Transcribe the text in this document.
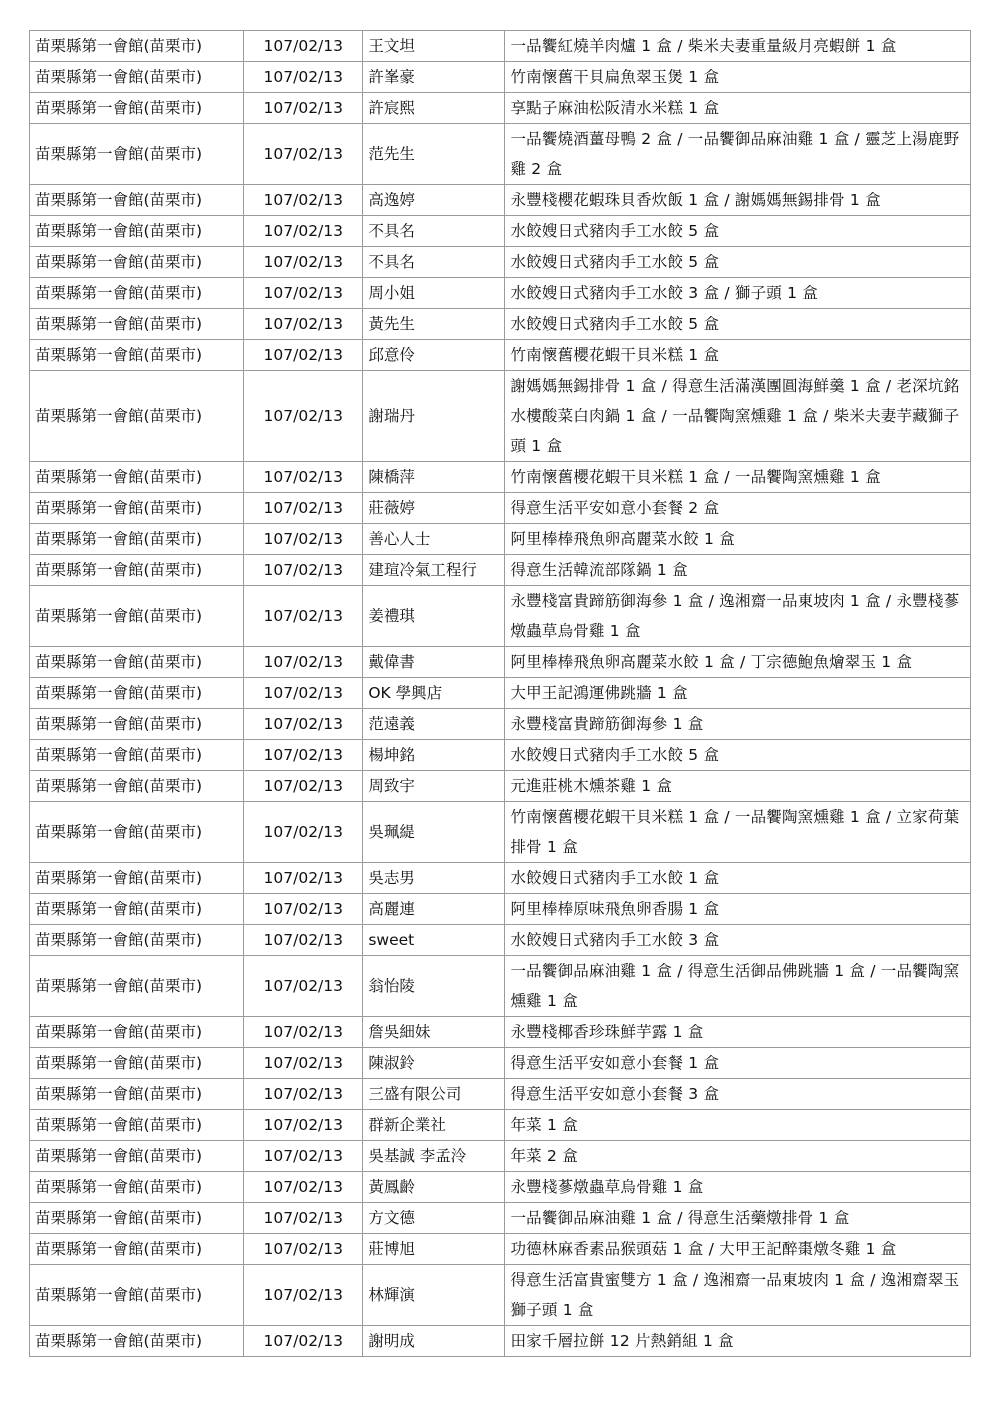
苗栗縣第一會館(苗栗市)	107/02/13	王文坦	一品饗紅燒羊肉爐 1 盒 / 柴米夫妻重量級月亮蝦餅 1 盒
苗栗縣第一會館(苗栗市)	107/02/13	許峯豪	竹南懷舊干貝扁魚翠玉煲 1 盒
苗栗縣第一會館(苗栗市)	107/02/13	許宸熙	享點子麻油松阪清水米糕 1 盒
苗栗縣第一會館(苗栗市)	107/02/13	范先生	一品饗燒酒薑母鴨 2 盒 / 一品饗御品麻油雞 1 盒 / 靈芝上湯鹿野雞 2 盒
苗栗縣第一會館(苗栗市)	107/02/13	高逸婷	永豐棧櫻花蝦珠貝香炊飯 1 盒 / 謝媽媽無錫排骨 1 盒
苗栗縣第一會館(苗栗市)	107/02/13	不具名	水餃嫂日式豬肉手工水餃 5 盒
苗栗縣第一會館(苗栗市)	107/02/13	不具名	水餃嫂日式豬肉手工水餃 5 盒
苗栗縣第一會館(苗栗市)	107/02/13	周小姐	水餃嫂日式豬肉手工水餃 3 盒 / 獅子頭 1 盒
苗栗縣第一會館(苗栗市)	107/02/13	黃先生	水餃嫂日式豬肉手工水餃 5 盒
苗栗縣第一會館(苗栗市)	107/02/13	邱意伶	竹南懷舊櫻花蝦干貝米糕 1 盒
苗栗縣第一會館(苗栗市)	107/02/13	謝瑞丹	謝媽媽無錫排骨 1 盒 / 得意生活滿漢團圓海鮮羹 1 盒 / 老深坑銘水樓酸菜白肉鍋 1 盒 / 一品饗陶窯燻雞 1 盒 / 柴米夫妻芋藏獅子頭 1 盒
苗栗縣第一會館(苗栗市)	107/02/13	陳橋萍	竹南懷舊櫻花蝦干貝米糕 1 盒 / 一品饗陶窯燻雞 1 盒
苗栗縣第一會館(苗栗市)	107/02/13	莊薇婷	得意生活平安如意小套餐 2 盒
苗栗縣第一會館(苗栗市)	107/02/13	善心人士	阿里棒棒飛魚卵高麗菜水餃 1 盒
苗栗縣第一會館(苗栗市)	107/02/13	建瑄冷氣工程行	得意生活韓流部隊鍋 1 盒
苗栗縣第一會館(苗栗市)	107/02/13	姜禮琪	永豐棧富貴蹄筋御海參 1 盒 / 逸湘齋一品東坡肉 1 盒 / 永豐棧蔘燉蟲草烏骨雞 1 盒
苗栗縣第一會館(苗栗市)	107/02/13	戴偉書	阿里棒棒飛魚卵高麗菜水餃 1 盒 / 丁宗德鮑魚燴翠玉 1 盒
苗栗縣第一會館(苗栗市)	107/02/13	OK 學興店	大甲王記鴻運佛跳牆 1 盒
苗栗縣第一會館(苗栗市)	107/02/13	范遠義	永豐棧富貴蹄筋御海參 1 盒
苗栗縣第一會館(苗栗市)	107/02/13	楊坤銘	水餃嫂日式豬肉手工水餃 5 盒
苗栗縣第一會館(苗栗市)	107/02/13	周致宇	元進莊桃木燻茶雞 1 盒
苗栗縣第一會館(苗栗市)	107/02/13	吳珮緹	竹南懷舊櫻花蝦干貝米糕 1 盒 / 一品饗陶窯燻雞 1 盒 / 立家荷葉排骨 1 盒
苗栗縣第一會館(苗栗市)	107/02/13	吳志男	水餃嫂日式豬肉手工水餃 1 盒
苗栗縣第一會館(苗栗市)	107/02/13	高麗連	阿里棒棒原味飛魚卵香腸 1 盒
苗栗縣第一會館(苗栗市)	107/02/13	sweet	水餃嫂日式豬肉手工水餃 3 盒
苗栗縣第一會館(苗栗市)	107/02/13	翁怡陵	一品饗御品麻油雞 1 盒 / 得意生活御品佛跳牆 1 盒 / 一品饗陶窯燻雞 1 盒
苗栗縣第一會館(苗栗市)	107/02/13	詹吳細妹	永豐棧椰香珍珠鮮芋露 1 盒
苗栗縣第一會館(苗栗市)	107/02/13	陳淑鈴	得意生活平安如意小套餐 1 盒
苗栗縣第一會館(苗栗市)	107/02/13	三盛有限公司	得意生活平安如意小套餐 3 盒
苗栗縣第一會館(苗栗市)	107/02/13	群新企業社	年菜 1 盒
苗栗縣第一會館(苗栗市)	107/02/13	吳基誠 李孟泠	年菜 2 盒
苗栗縣第一會館(苗栗市)	107/02/13	黃鳳齡	永豐棧蔘燉蟲草烏骨雞 1 盒
苗栗縣第一會館(苗栗市)	107/02/13	方文德	一品饗御品麻油雞 1 盒 / 得意生活藥燉排骨 1 盒
苗栗縣第一會館(苗栗市)	107/02/13	莊博旭	功德林麻香素品猴頭菇 1 盒 / 大甲王記醉棗燉冬雞 1 盒
苗栗縣第一會館(苗栗市)	107/02/13	林輝演	得意生活富貴蜜雙方 1 盒 / 逸湘齋一品東坡肉 1 盒 / 逸湘齋翠玉獅子頭 1 盒
苗栗縣第一會館(苗栗市)	107/02/13	謝明成	田家千層拉餅 12 片熱銷組 1 盒
